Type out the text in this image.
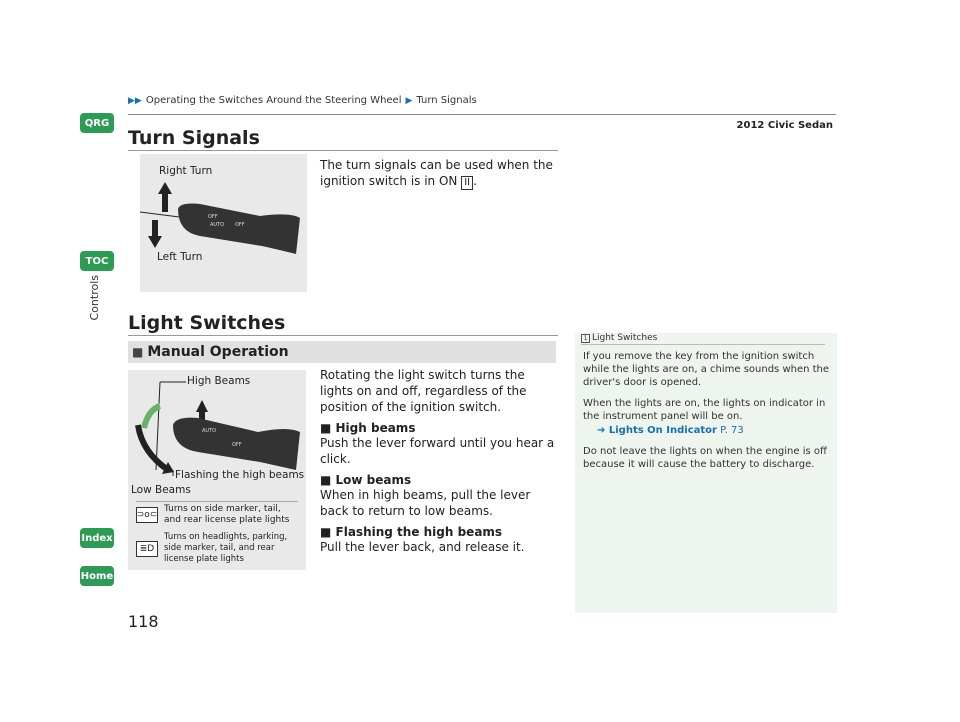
▶▶ Operating the Switches Around the Steering Wheel ▶ Turn Signals
2012 Civic Sedan
QRG
TOC
Controls
Index
Home
Turn Signals
OFF
AUTO OFF
Right Turn
Left Turn
The turn signals can be used when the ignition switch is in ON II .
Light Switches
■ Manual Operation
AUTO
OFF
⊃o⊂
Turns on side marker, tail, and rear license plate lights
≣D
Turns on headlights, parking, side marker, tail, and rear license plate lights
High Beams
Flashing the high beams
Low Beams
Rotating the light switch turns the lights on and off, regardless of the position of the ignition switch.
■ High beams
Push the lever forward until you hear a click.
■ Low beams
When in high beams, pull the lever back to return to low beams.
■ Flashing the high beams
Pull the lever back, and release it.
1 Light Switches
If you remove the key from the ignition switch while the lights are on, a chime sounds when the driver's door is opened.
When the lights are on, the lights on indicator in the instrument panel will be on.
➔ Lights On Indicator P. 73
Do not leave the lights on when the engine is off because it will cause the battery to discharge.
118
